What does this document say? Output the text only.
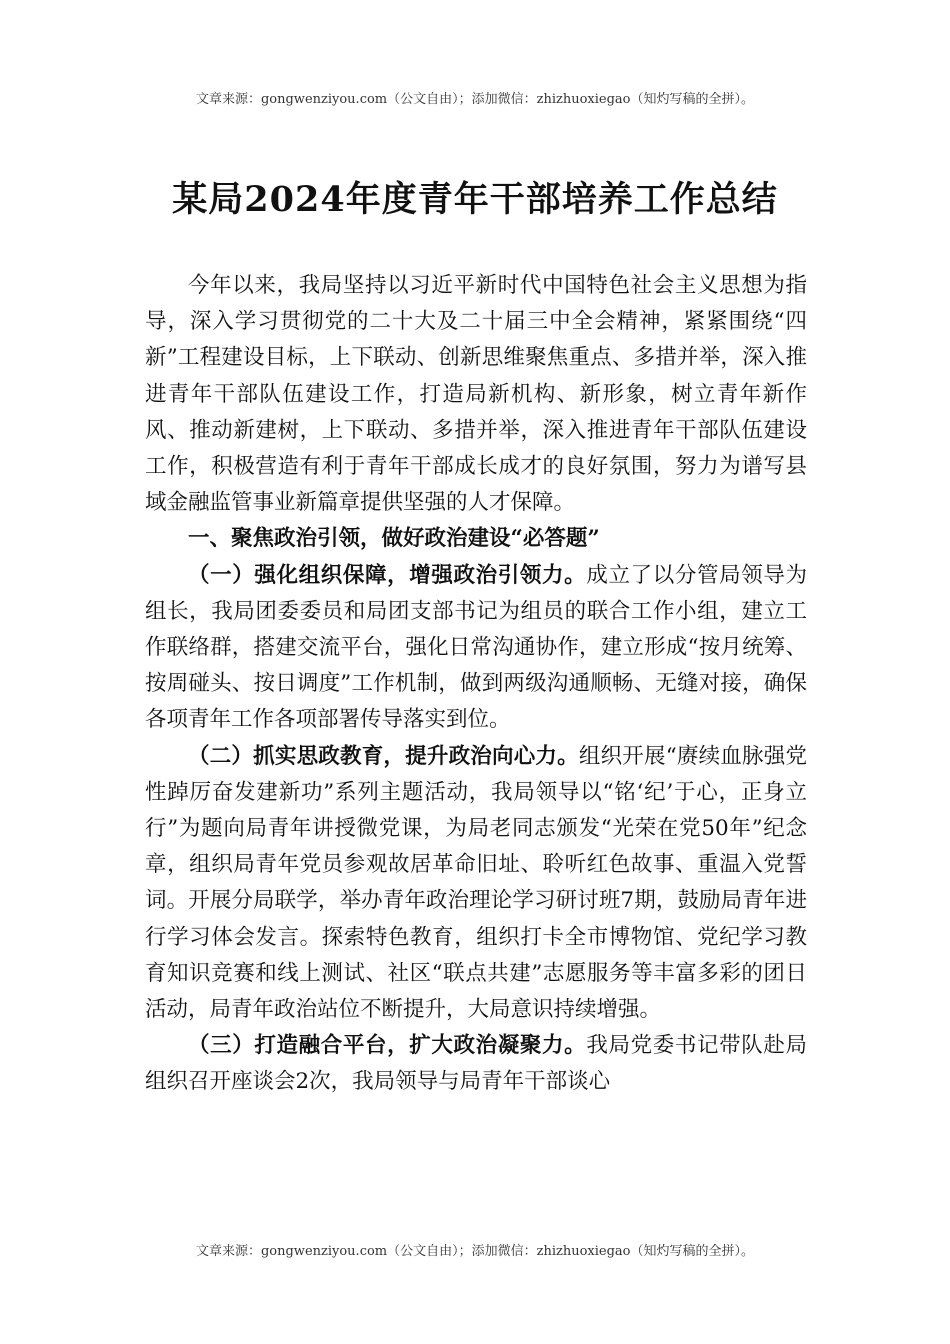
文章来源：gongwenziyou.com（公文自由）；添加微信：zhizhuoxiegao（知灼写稿的全拼）。
某局2024年度青年干部培养工作总结

今年以来，我局坚持以习近平新时代中国特色社会主义思想为指导，深入学习贯彻党的二十大及二十届三中全会精神，紧紧围绕“四新”工程建设目标，上下联动、创新思维聚焦重点、多措并举，深入推进青年干部队伍建设工作，打造局新机构、新形象，树立青年新作风、推动新建树，上下联动、多措并举，深入推进青年干部队伍建设工作，积极营造有利于青年干部成长成才的良好氛围，努力为谱写县域金融监管事业新篇章提供坚强的人才保障。

一、聚焦政治引领，做好政治建设“必答题”

（一）强化组织保障，增强政治引领力。成立了以分管局领导为组长，我局团委委员和局团支部书记为组员的联合工作小组，建立工作联络群，搭建交流平台，强化日常沟通协作，建立形成“按月统筹、按周碰头、按日调度”工作机制，做到两级沟通顺畅、无缝对接，确保各项青年工作各项部署传导落实到位。

（二）抓实思政教育，提升政治向心力。组织开展“赓续血脉强党性踔厉奋发建新功”系列主题活动，我局领导以“铭‘纪’于心，正身立行”为题向局青年讲授微党课，为局老同志颁发“光荣在党50年”纪念章，组织局青年党员参观故居革命旧址、聆听红色故事、重温入党誓词。开展分局联学，举办青年政治理论学习研讨班7期，鼓励局青年进行学习体会发言。探索特色教育，组织打卡全市博物馆、党纪学习教育知识竞赛和线上测试、社区“联点共建”志愿服务等丰富多彩的团日活动，局青年政治站位不断提升，大局意识持续增强。

（三）打造融合平台，扩大政治凝聚力。我局党委书记带队赴局组织召开座谈会2次，我局领导与局青年干部谈心

文章来源：gongwenziyou.com（公文自由）；添加微信：zhizhuoxiegao（知灼写稿的全拼）。
